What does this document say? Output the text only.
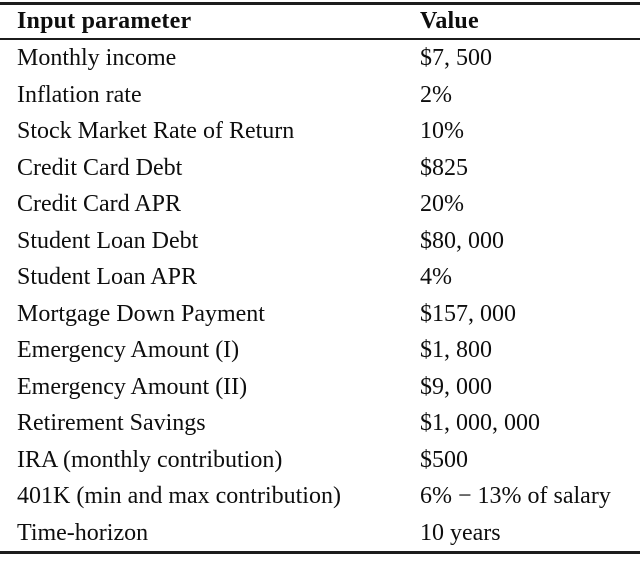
Input parameter	Value
Monthly income	$7, 500
Inflation rate	2%
Stock Market Rate of Return	10%
Credit Card Debt	$825
Credit Card APR	20%
Student Loan Debt	$80, 000
Student Loan APR	4%
Mortgage Down Payment	$157, 000
Emergency Amount (I)	$1, 800
Emergency Amount (II)	$9, 000
Retirement Savings	$1, 000, 000
IRA (monthly contribution)	$500
401K (min and max contribution)	6% − 13% of salary
Time-horizon	10 years
